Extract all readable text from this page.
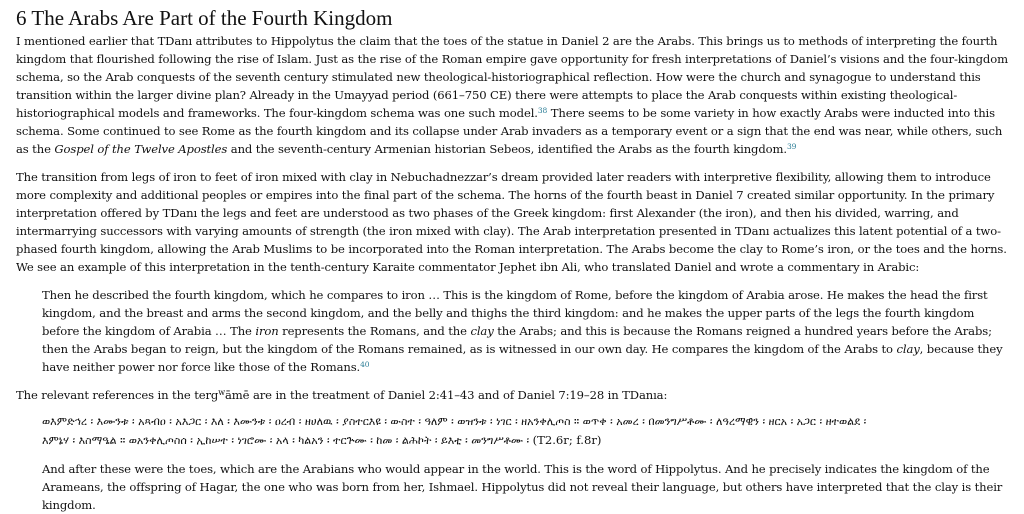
6 The Arabs Are Part of the Fourth Kingdom

I mentioned earlier that TDanı attributes to Hippolytus the claim that the toes of the statue in Daniel 2 are the Arabs. This brings us to methods of interpreting the fourth kingdom that flourished following the rise of Islam. Just as the rise of the Roman empire gave opportunity for fresh interpretations of Daniel’s visions and the four-kingdom schema, so the Arab conquests of the seventh century stimulated new theological-historiographical reflection. How were the church and synagogue to understand this transition within the larger divine plan? Already in the Umayyad period (661–750 CE) there were attempts to place the Arab conquests within existing theological-historiographical models and frameworks. The four-kingdom schema was one such model.$^{38}$ There seems to be some variety in how exactly Arabs were inducted into this schema. Some continued to see Rome as the fourth kingdom and its collapse under Arab invaders as a temporary event or a sign that the end was near, while others, such as the Gospel of the Twelve Apostles and the seventh-century Armenian historian Sebeos, identified the Arabs as the fourth kingdom.$^{39}$

The transition from legs of iron to feet of iron mixed with clay in Nebuchadnezzar’s dream provided later readers with interpretive flexibility, allowing them to introduce more complexity and additional peoples or empires into the final part of the schema. The horns of the fourth beast in Daniel 7 created similar opportunity. In the primary interpretation offered by TDanı the legs and feet are understood as two phases of the Greek kingdom: first Alexander (the iron), and then his divided, warring, and intermarrying successors with varying amounts of strength (the iron mixed with clay). The Arab interpretation presented in TDanı actualizes this latent potential of a two-phased fourth kingdom, allowing the Arab Muslims to be incorporated into the Roman interpretation. The Arabs become the clay to Rome’s iron, or the toes and the horns. We see an example of this interpretation in the tenth-century Karaite commentator Jephet ibn Ali, who translated Daniel and wrote a commentary in Arabic:

Then he described the fourth kingdom, which he compares to iron … This is the kingdom of Rome, before the kingdom of Arabia arose. He makes the head the first kingdom, and the breast and arms the second kingdom, and the belly and thighs the third kingdom: and he makes the upper parts of the legs the fourth kingdom before the kingdom of Arabia … The iron represents the Romans, and the clay the Arabs; and this is because the Romans reigned a hundred years before the Arabs; then the Arabs began to reign, but the kingdom of the Romans remained, as is witnessed in our own day. He compares the kingdom of the Arabs to clay, because they have neither power nor force like those of the Romans.$^{40}$

The relevant references in the terg$^w$āmē are in the treatment of Daniel 2:41–43 and of Daniel 7:19–28 in TDanıa:

ወእምድኅረ ፡ እሙንቱ ፡ አጻብዐ ፡ አእጋር ፡ እለ ፡ እሙንቱ ፡ ዐረብ ፡ ዘሀለዉ ፡ ያስተርእዩ ፡ ውስተ ፡ ዓለም ፡ ወዝንቱ ፡ ነገር ፡ ዘአንቀሊጦስ ። ወጥቀ ፡ አመረ ፡ በመንግሥቶሙ ፡ ለዓረማዊን ፡ ዘርአ ፡ አጋር ፡ ዘተወልደ ፡
እምኔሃ ፡ እስማዔል ። ወአንቀሊጦስሰ ፡ ኢከሠተ ፡ ነገሮሙ ፡ አላ ፡ ካልአን ፡ ተርጕሙ ፡ ከመ ፡ ልሕኮት ፡ ይእቲ ፡ መንግሥቶሙ ፡ (T2.6r; f.8r)
And after these were the toes, which are the Arabians who would appear in the world. This is the word of Hippolytus. And he precisely indicates the kingdom of the Arameans, the offspring of Hagar, the one who was born from her, Ishmael. Hippolytus did not reveal their language, but others have interpreted that the clay is their kingdom.
